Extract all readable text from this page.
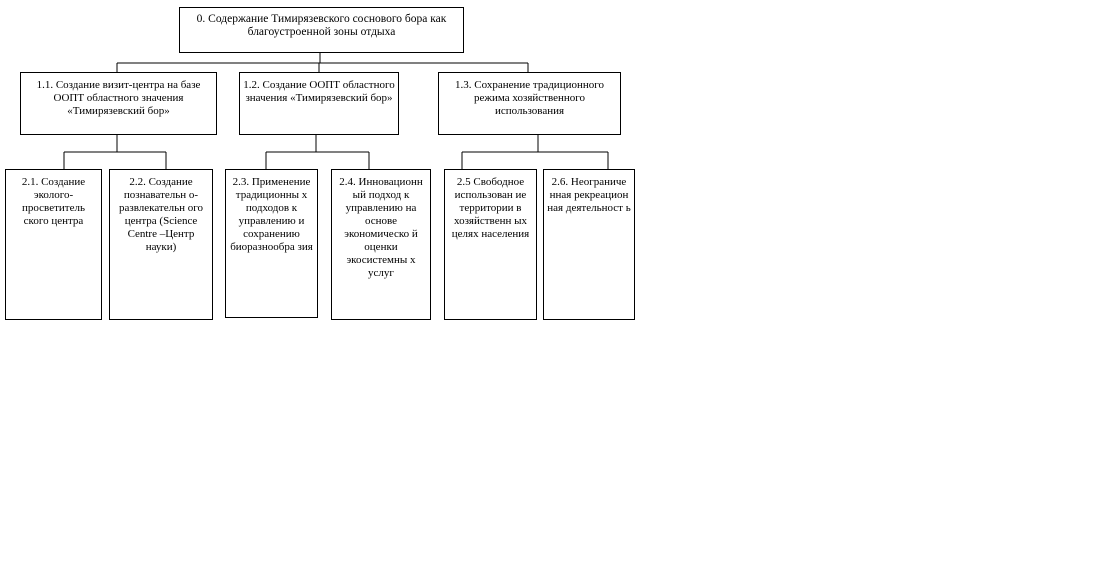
0. Содержание Тимирязевского соснового бора как благоустроенной зоны отдыха
1.1. Создание визит-центра на базе ООПТ областного значения «Тимирязевский бор»
1.2. Создание ООПТ областного значения «Тимирязевский бор»
1.3. Сохранение традиционного режима хозяйственного использования
2.1. Создание эколого-просветитель ского центра
2.2. Создание познавательн о-развлекательн ого центра (Science Centre –Центр науки)
2.3. Применение традиционны х подходов к управлению и сохранению биоразнообра зия
2.4. Инновационн ый подход к управлению на основе экономическо й оценки экосистемны х услуг
2.5 Свободное использован ие территории в хозяйственн ых целях населения
2.6. Неограниче нная рекреацион ная деятельност ь
